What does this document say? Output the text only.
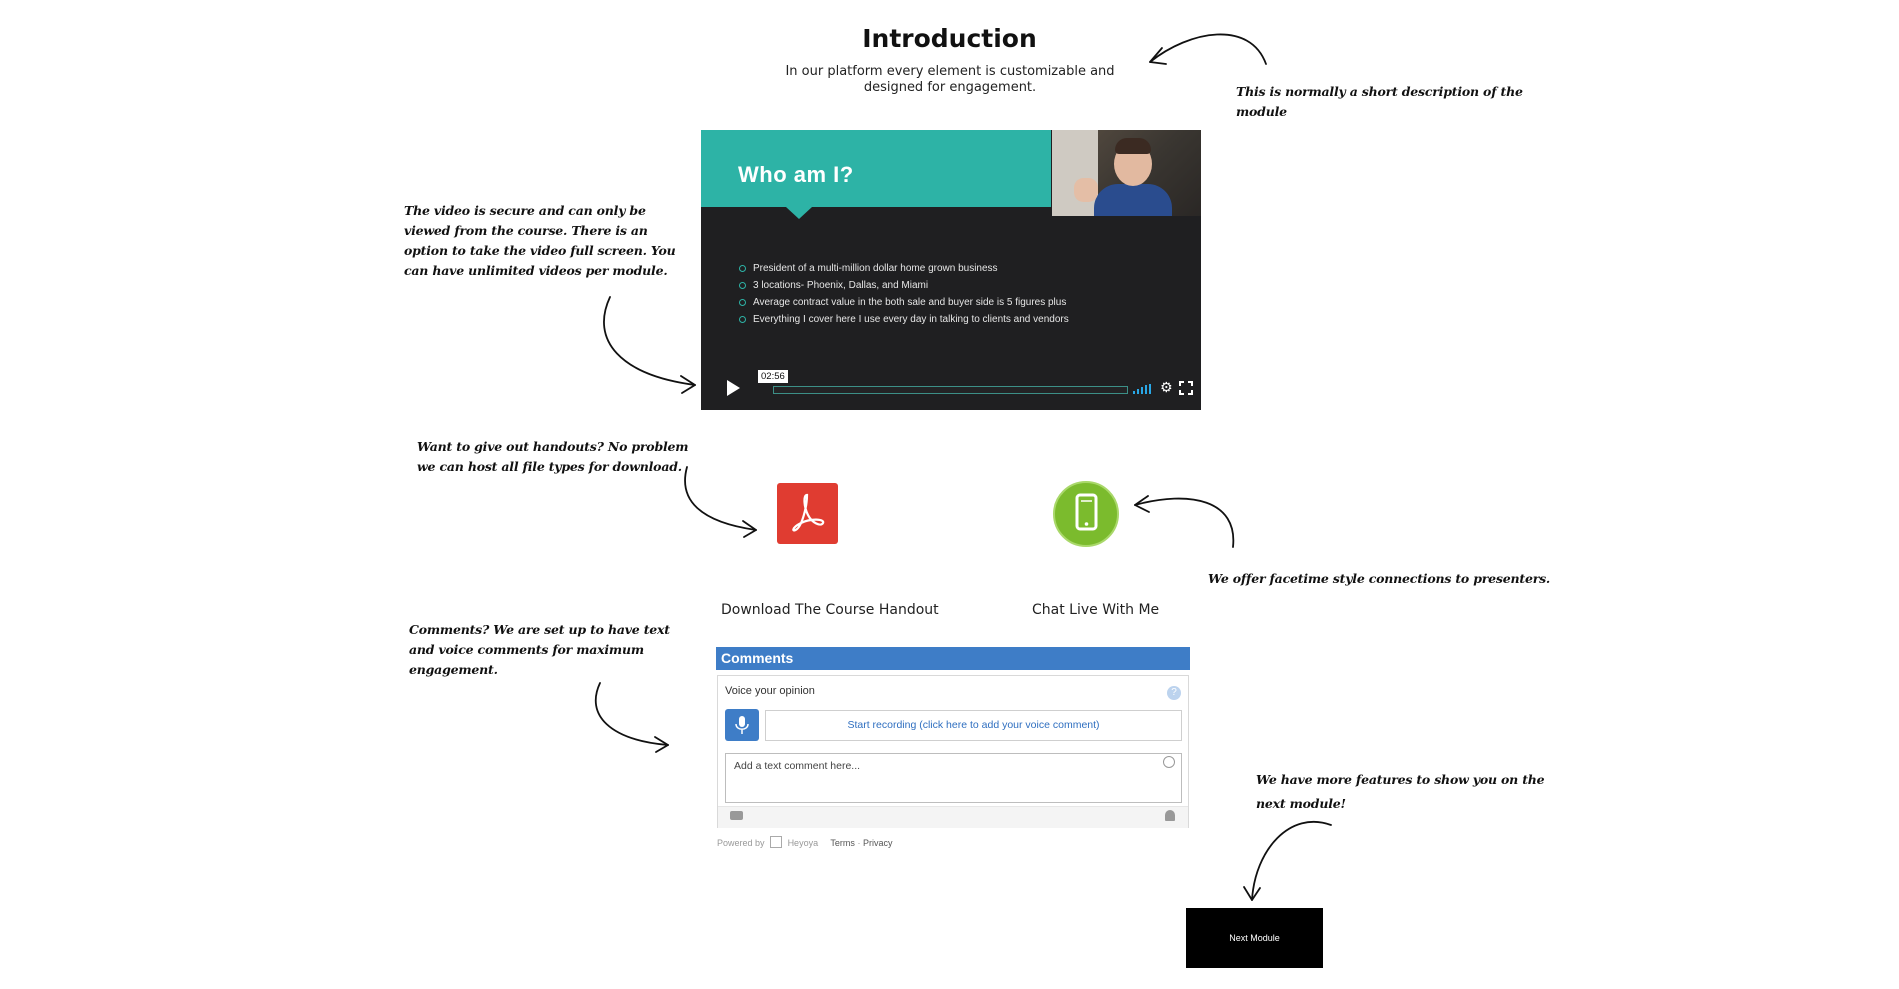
Introduction
In our platform every element is customizable and designed for engagement.	This is normally a short description of the module
The video is secure and can only be viewed from the course. There is an option to take the video full screen. You can have unlimited videos per module.
Want to give out handouts? No problem we can host all file types for download.
We offer facetime style connections to presenters.
Comments? We are set up to have text and voice comments for maximum engagement.
We have more features to show you on the next module!
Who am I?
President of a multi-million dollar home grown business
3 locations- Phoenix, Dallas, and Miami
Average contract value in the both sale and buyer side is 5 figures plus
Everything I cover here I use every day in talking to clients and vendors
02:56
⚙
Download The Course Handout	Chat Live With Me
Comments
Voice your opinion	?
Start recording (click here to add your voice comment)
Add a text comment here...
Powered by	Heyoya Terms · Privacy
Next Module
